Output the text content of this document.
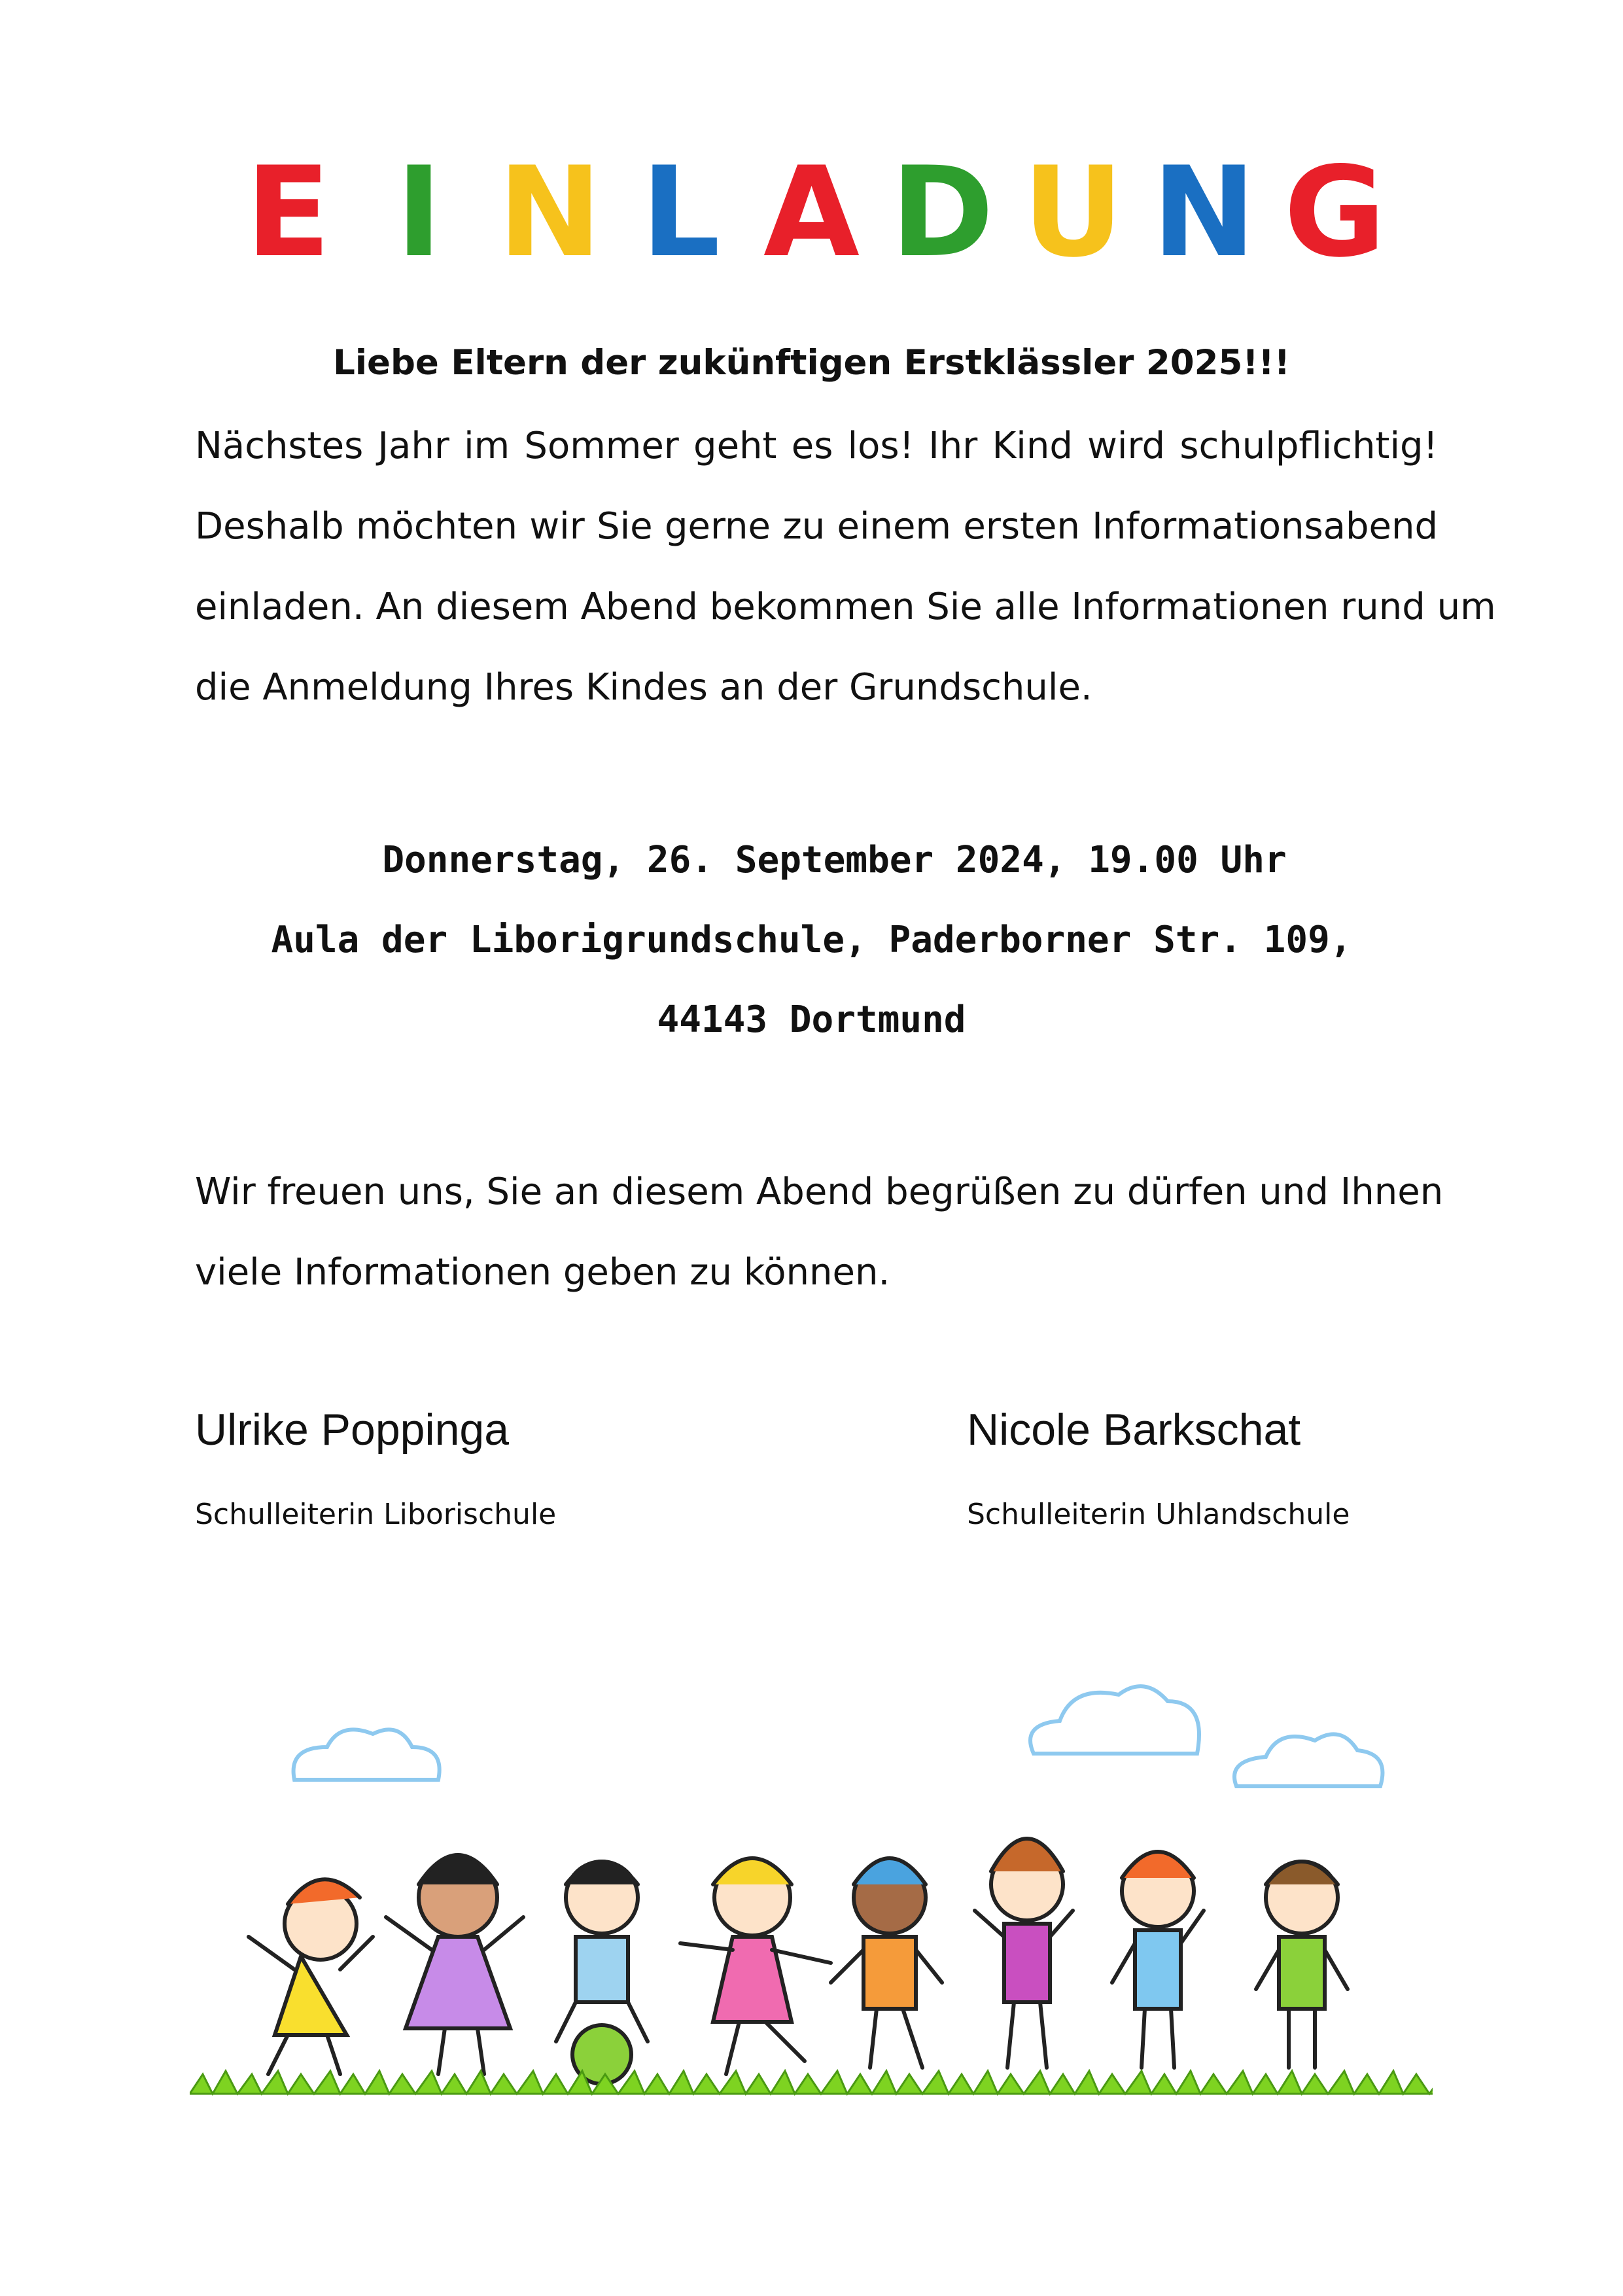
E I N L A D U N G
Liebe Eltern der zukünftigen Erstklässler 2025!!!
Nächstes Jahr im Sommer geht es los! Ihr Kind wird schulpflichtig!
Deshalb möchten wir Sie gerne zu einem ersten Informationsabend
einladen. An diesem Abend bekommen Sie alle Informationen rund um
die Anmeldung Ihres Kindes an der Grundschule.
Donnerstag, 26. September 2024, 19.00 Uhr
Aula der Liborigrundschule, Paderborner Str. 109,
44143 Dortmund
Wir freuen uns, Sie an diesem Abend begrüßen zu dürfen und Ihnen
viele Informationen geben zu können.
Ulrike Poppinga
Schulleiterin Liborischule
Nicole Barkschat
Schulleiterin Uhlandschule
